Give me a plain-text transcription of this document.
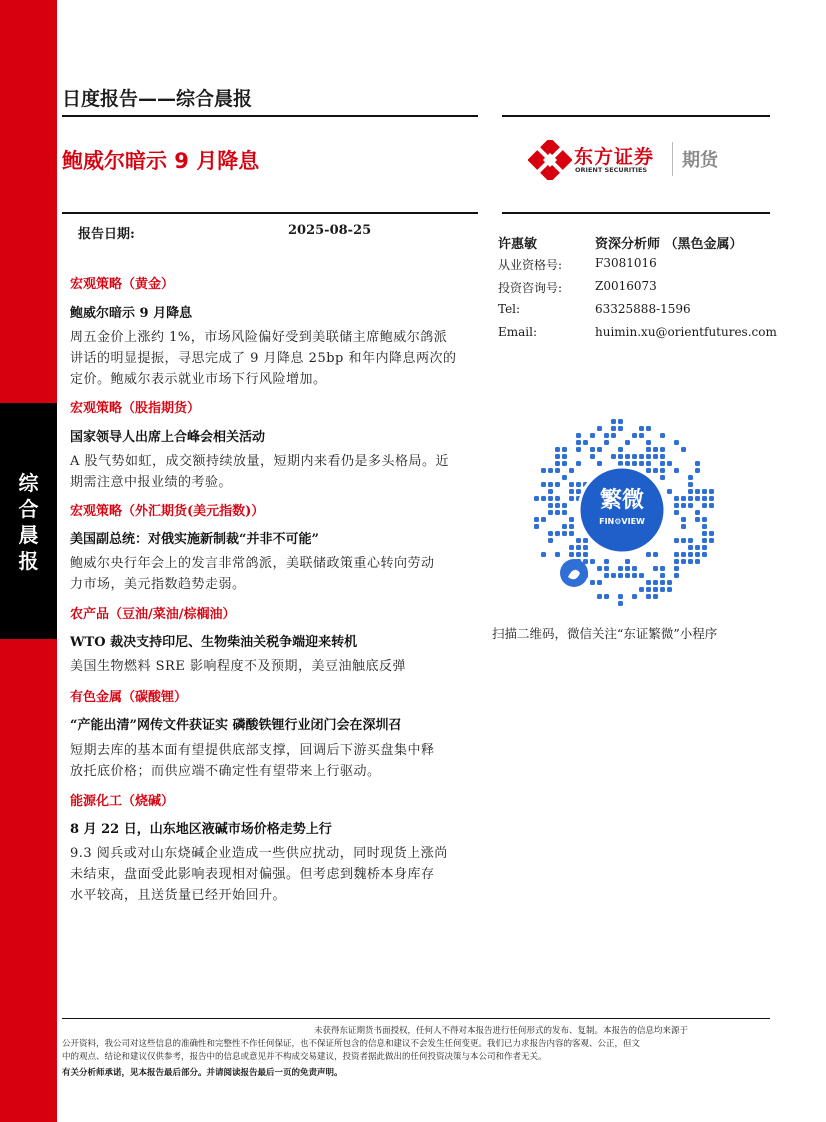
综
合
晨
报
日度报告——综合晨报
鲍威尔暗示 9 月降息	东方证券
ORIENT SECURITIES 期货
报告日期:	2025-08-25
许惠敏	资深分析师 （黑色金属）
从业资格号:	F3081016
投资咨询号:	Z0016073
Tel:	63325888-1596
Email:	huimin.xu@orientfutures.com
繁微
FIN⚙VIEW
扫描二维码，微信关注“东证繁微”小程序
宏观策略（黄金）
鲍威尔暗示 9 月降息
周五金价上涨约 1%，市场风险偏好受到美联储主席鲍威尔鸽派
讲话的明显提振，寻思完成了 9 月降息 25bp 和年内降息两次的
定价。鲍威尔表示就业市场下行风险增加。
宏观策略（股指期货）
国家领导人出席上合峰会相关活动
A 股气势如虹，成交额持续放量，短期内来看仍是多头格局。近
期需注意中报业绩的考验。
宏观策略（外汇期货(美元指数)）
美国副总统：对俄实施新制裁“并非不可能”
鲍威尔央行年会上的发言非常鸽派，美联储政策重心转向劳动
力市场，美元指数趋势走弱。
农产品（豆油/菜油/棕榈油）
WTO 裁决支持印尼、生物柴油关税争端迎来转机
美国生物燃料 SRE 影响程度不及预期，美豆油触底反弹
有色金属（碳酸锂）
“产能出清”网传文件获证实 磷酸铁锂行业闭门会在深圳召
短期去库的基本面有望提供底部支撑，回调后下游买盘集中释
放托底价格；而供应端不确定性有望带来上行驱动。
能源化工（烧碱）
8 月 22 日，山东地区液碱市场价格走势上行
9.3 阅兵或对山东烧碱企业造成一些供应扰动，同时现货上涨尚
未结束，盘面受此影响表现相对偏强。但考虑到魏桥本身库存
水平较高，且送货量已经开始回升。
未获得东证期货书面授权，任何人不得对本报告进行任何形式的发布、复制。本报告的信息均来源于
公开资料，我公司对这些信息的准确性和完整性不作任何保证，也不保证所包含的信息和建议不会发生任何变更。我们已力求报告内容的客观、公正，但文
中的观点、结论和建议仅供参考，报告中的信息或意见并不构成交易建议，投资者据此做出的任何投资决策与本公司和作者无关。
有关分析师承诺，见本报告最后部分。并请阅读报告最后一页的免责声明。
